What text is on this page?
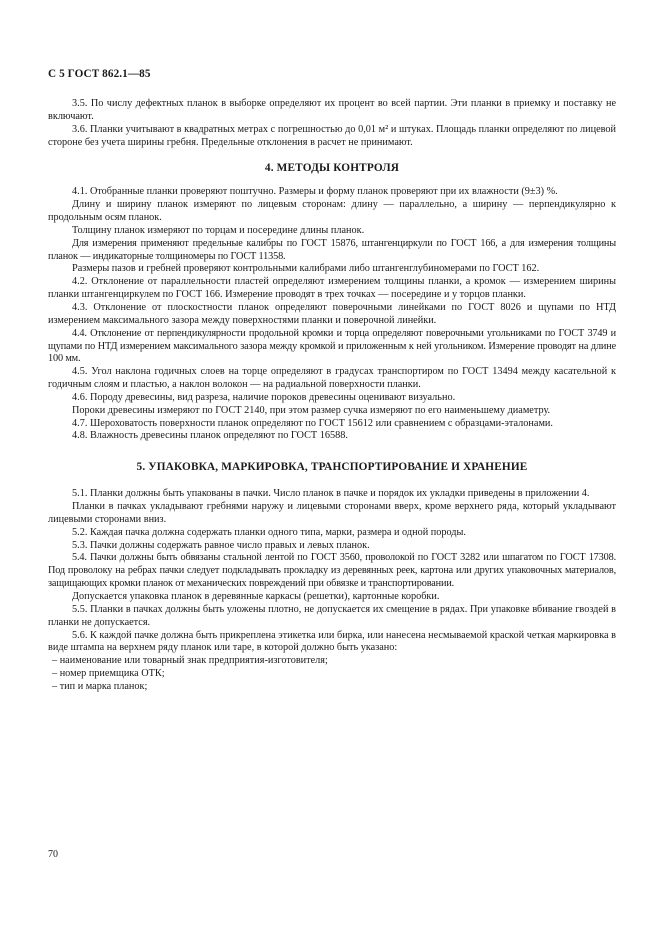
С 5 ГОСТ 862.1—85

3.5. По числу дефектных планок в выборке определяют их процент во всей партии. Эти планки в приемку и поставку не включают.

3.6. Планки учитывают в квадратных метрах с погрешностью до 0,01 м² и штуках. Площадь планки определяют по лицевой стороне без учета ширины гребня. Предельные отклонения в расчет не принимают.

4. МЕТОДЫ КОНТРОЛЯ

4.1. Отобранные планки проверяют поштучно. Размеры и форму планок проверяют при их влажности (9±3) %.

Длину и ширину планок измеряют по лицевым сторонам: длину — параллельно, а ширину — перпендикулярно к продольным осям планок.

Толщину планок измеряют по торцам и посередине длины планок.

Для измерения применяют предельные калибры по ГОСТ 15876, штангенциркули по ГОСТ 166, а для измерения толщины планок — индикаторные толщиномеры по ГОСТ 11358.

Размеры пазов и гребней проверяют контрольными калибрами либо штангенглубиномерами по ГОСТ 162.

4.2. Отклонение от параллельности пластей определяют измерением толщины планки, а кромок — измерением ширины планки штангенциркулем по ГОСТ 166. Измерение проводят в трех точках — посередине и у торцов планки.

4.3. Отклонение от плоскостности планок определяют поверочными линейками по ГОСТ 8026 и щупами по НТД измерением максимального зазора между поверхностями планки и поверочной линейки.

4.4. Отклонение от перпендикулярности продольной кромки и торца определяют поверочными угольниками по ГОСТ 3749 и щупами по НТД измерением максимального зазора между кромкой и приложенным к ней угольником. Измерение проводят на длине 100 мм.

4.5. Угол наклона годичных слоев на торце определяют в градусах транспортиром по ГОСТ 13494 между касательной к годичным слоям и пластью, а наклон волокон — на радиальной поверхности планки.

4.6. Породу древесины, вид разреза, наличие пороков древесины оценивают визуально.

Пороки древесины измеряют по ГОСТ 2140, при этом размер сучка измеряют по его наименьшему диаметру.

4.7. Шероховатость поверхности планок определяют по ГОСТ 15612 или сравнением с образцами-эталонами.

4.8. Влажность древесины планок определяют по ГОСТ 16588.

5. УПАКОВКА, МАРКИРОВКА, ТРАНСПОРТИРОВАНИЕ И ХРАНЕНИЕ

5.1. Планки должны быть упакованы в пачки. Число планок в пачке и порядок их укладки приведены в приложении 4.

Планки в пачках укладывают гребнями наружу и лицевыми сторонами вверх, кроме верхнего ряда, который укладывают лицевыми сторонами вниз.

5.2. Каждая пачка должна содержать планки одного типа, марки, размера и одной породы.

5.3. Пачки должны содержать равное число правых и левых планок.

5.4. Пачки должны быть обвязаны стальной лентой по ГОСТ 3560, проволокой по ГОСТ 3282 или шпагатом по ГОСТ 17308. Под проволоку на ребрах пачки следует подкладывать прокладку из деревянных реек, картона или других упаковочных материалов, защищающих кромки планок от механических повреждений при обвязке и транспортировании.

Допускается упаковка планок в деревянные каркасы (решетки), картонные коробки.

5.5. Планки в пачках должны быть уложены плотно, не допускается их смещение в рядах. При упаковке вбивание гвоздей в планки не допускается.

5.6. К каждой пачке должна быть прикреплена этикетка или бирка, или нанесена несмываемой краской четкая маркировка в виде штампа на верхнем ряду планок или таре, в которой должно быть указано:

– наименование или товарный знак предприятия-изготовителя;

– номер приемщика ОТК;

– тип и марка планок;

70
